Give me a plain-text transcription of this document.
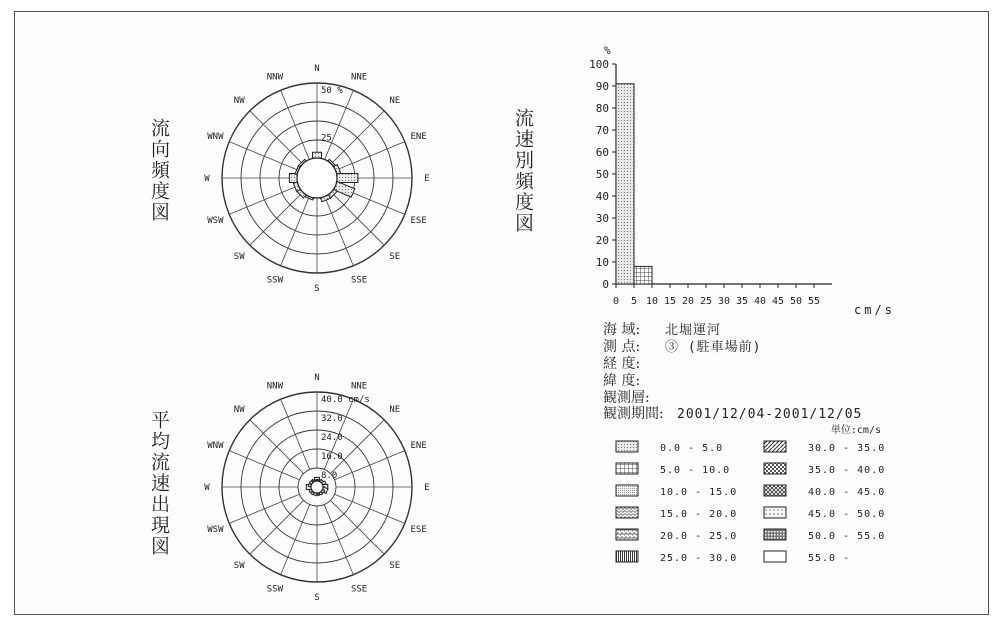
流向頻度図	流速別頻度図
平均流速出現図
25
50 %
N
NNE
NE
ENE
E
ESE
SE
SSE
S
SSW
SW
WSW
W
WNW
NW
NNW
8.0
16.0
24.0
32.0
40.0 cm/s
N
NNE
NE
ENE
E
ESE
SE
SSE
S
SSW
SW
WSW
W
WNW
NW
NNW
0
10
20
30
40
50
60
70
80
90
100
0 5 10 15 20 25 30 35 40 45 50 55
%
cm/s
単位:cm/s
0.0 - 5.0
5.0 - 10.0
10.0 - 15.0
15.0 - 20.0
20.0 - 25.0
25.0 - 30.0
30.0 - 35.0
35.0 - 40.0
40.0 - 45.0
45.0 - 50.0
50.0 - 55.0
55.0 -
海 域: 北堀運河
測 点: ③ (駐車場前)
経 度:
緯 度:
観測層:
観測期間: 2001/12/04-2001/12/05
